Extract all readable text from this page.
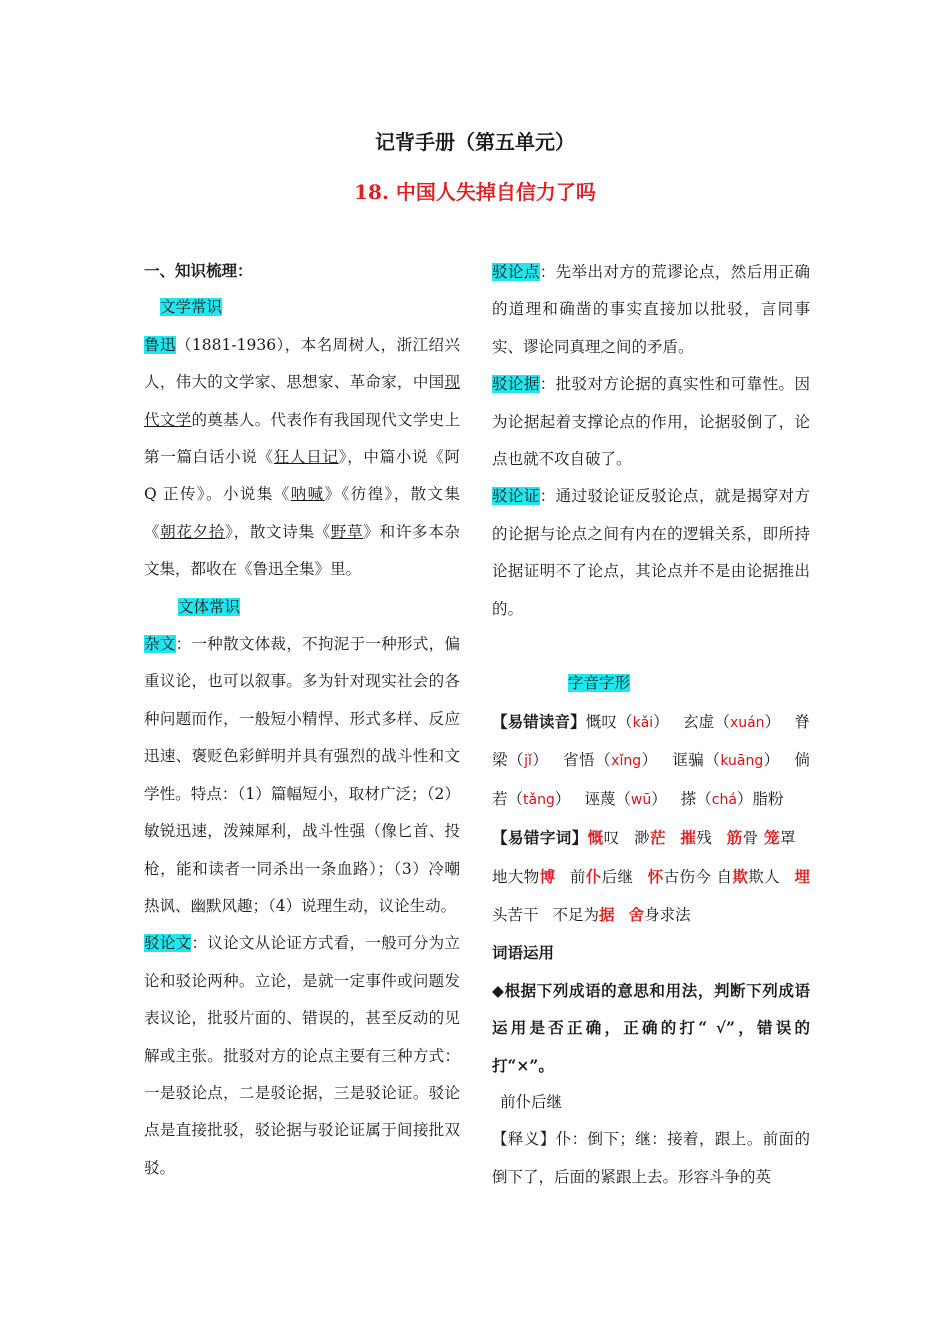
记背手册（第五单元）
18. 中国人失掉自信力了吗

一、知识梳理：

文学常识

鲁迅（1881-1936），本名周树人，浙江绍兴人，伟大的文学家、思想家、革命家，中国现代文学的奠基人。代表作有我国现代文学史上第一篇白话小说《狂人日记》，中篇小说《阿 Q 正传》。小说集《呐喊》《彷徨》，散文集《朝花夕拾》，散文诗集《野草》和许多本杂文集，都收在《鲁迅全集》里。

文体常识

杂文：一种散文体裁，不拘泥于一种形式，偏重议论，也可以叙事。多为针对现实社会的各种问题而作，一般短小精悍、形式多样、反应迅速、褒贬色彩鲜明并具有强烈的战斗性和文学性。特点：（1）篇幅短小，取材广泛；（2）敏锐迅速，泼辣犀利，战斗性强（像匕首、投枪，能和读者一同杀出一条血路）；（3）冷嘲热讽、幽默风趣；（4）说理生动，议论生动。

驳论文：议论文从论证方式看，一般可分为立论和驳论两种。立论，是就一定事件或问题发表议论，批驳片面的、错误的，甚至反动的见解或主张。批驳对方的论点主要有三种方式：一是驳论点，二是驳论据，三是驳论证。驳论点是直接批驳，驳论据与驳论证属于间接批双驳。

驳论点：先举出对方的荒谬论点，然后用正确的道理和确凿的事实直接加以批驳，言同事实、谬论同真理之间的矛盾。

驳论据：批驳对方论据的真实性和可靠性。因为论据起着支撑论点的作用，论据驳倒了，论点也就不攻自破了。

驳论证：通过驳论证反驳论点，就是揭穿对方的论据与论点之间有内在的逻辑关系，即所持论据证明不了论点，其论点并不是由论据推出的。

字音字形

【易错读音】慨叹（kǎi） 玄虚（xuán） 脊梁（jǐ） 省悟（xǐng） 诓骗（kuāng） 倘若（tǎng） 诬蔑（wū） 搽（chá）脂粉

【易错字词】慨叹 渺茫 摧残 筋骨 笼罩地大物博 前仆后继 怀古伤今 自欺欺人 埋头苦干 不足为据 舍身求法

词语运用

◆根据下列成语的意思和用法，判断下列成语运用是否正确，正确的打“ √”，错误的打“×”。

前仆后继

【释义】仆：倒下；继：接着，跟上。前面的倒下了，后面的紧跟上去。形容斗争的英
